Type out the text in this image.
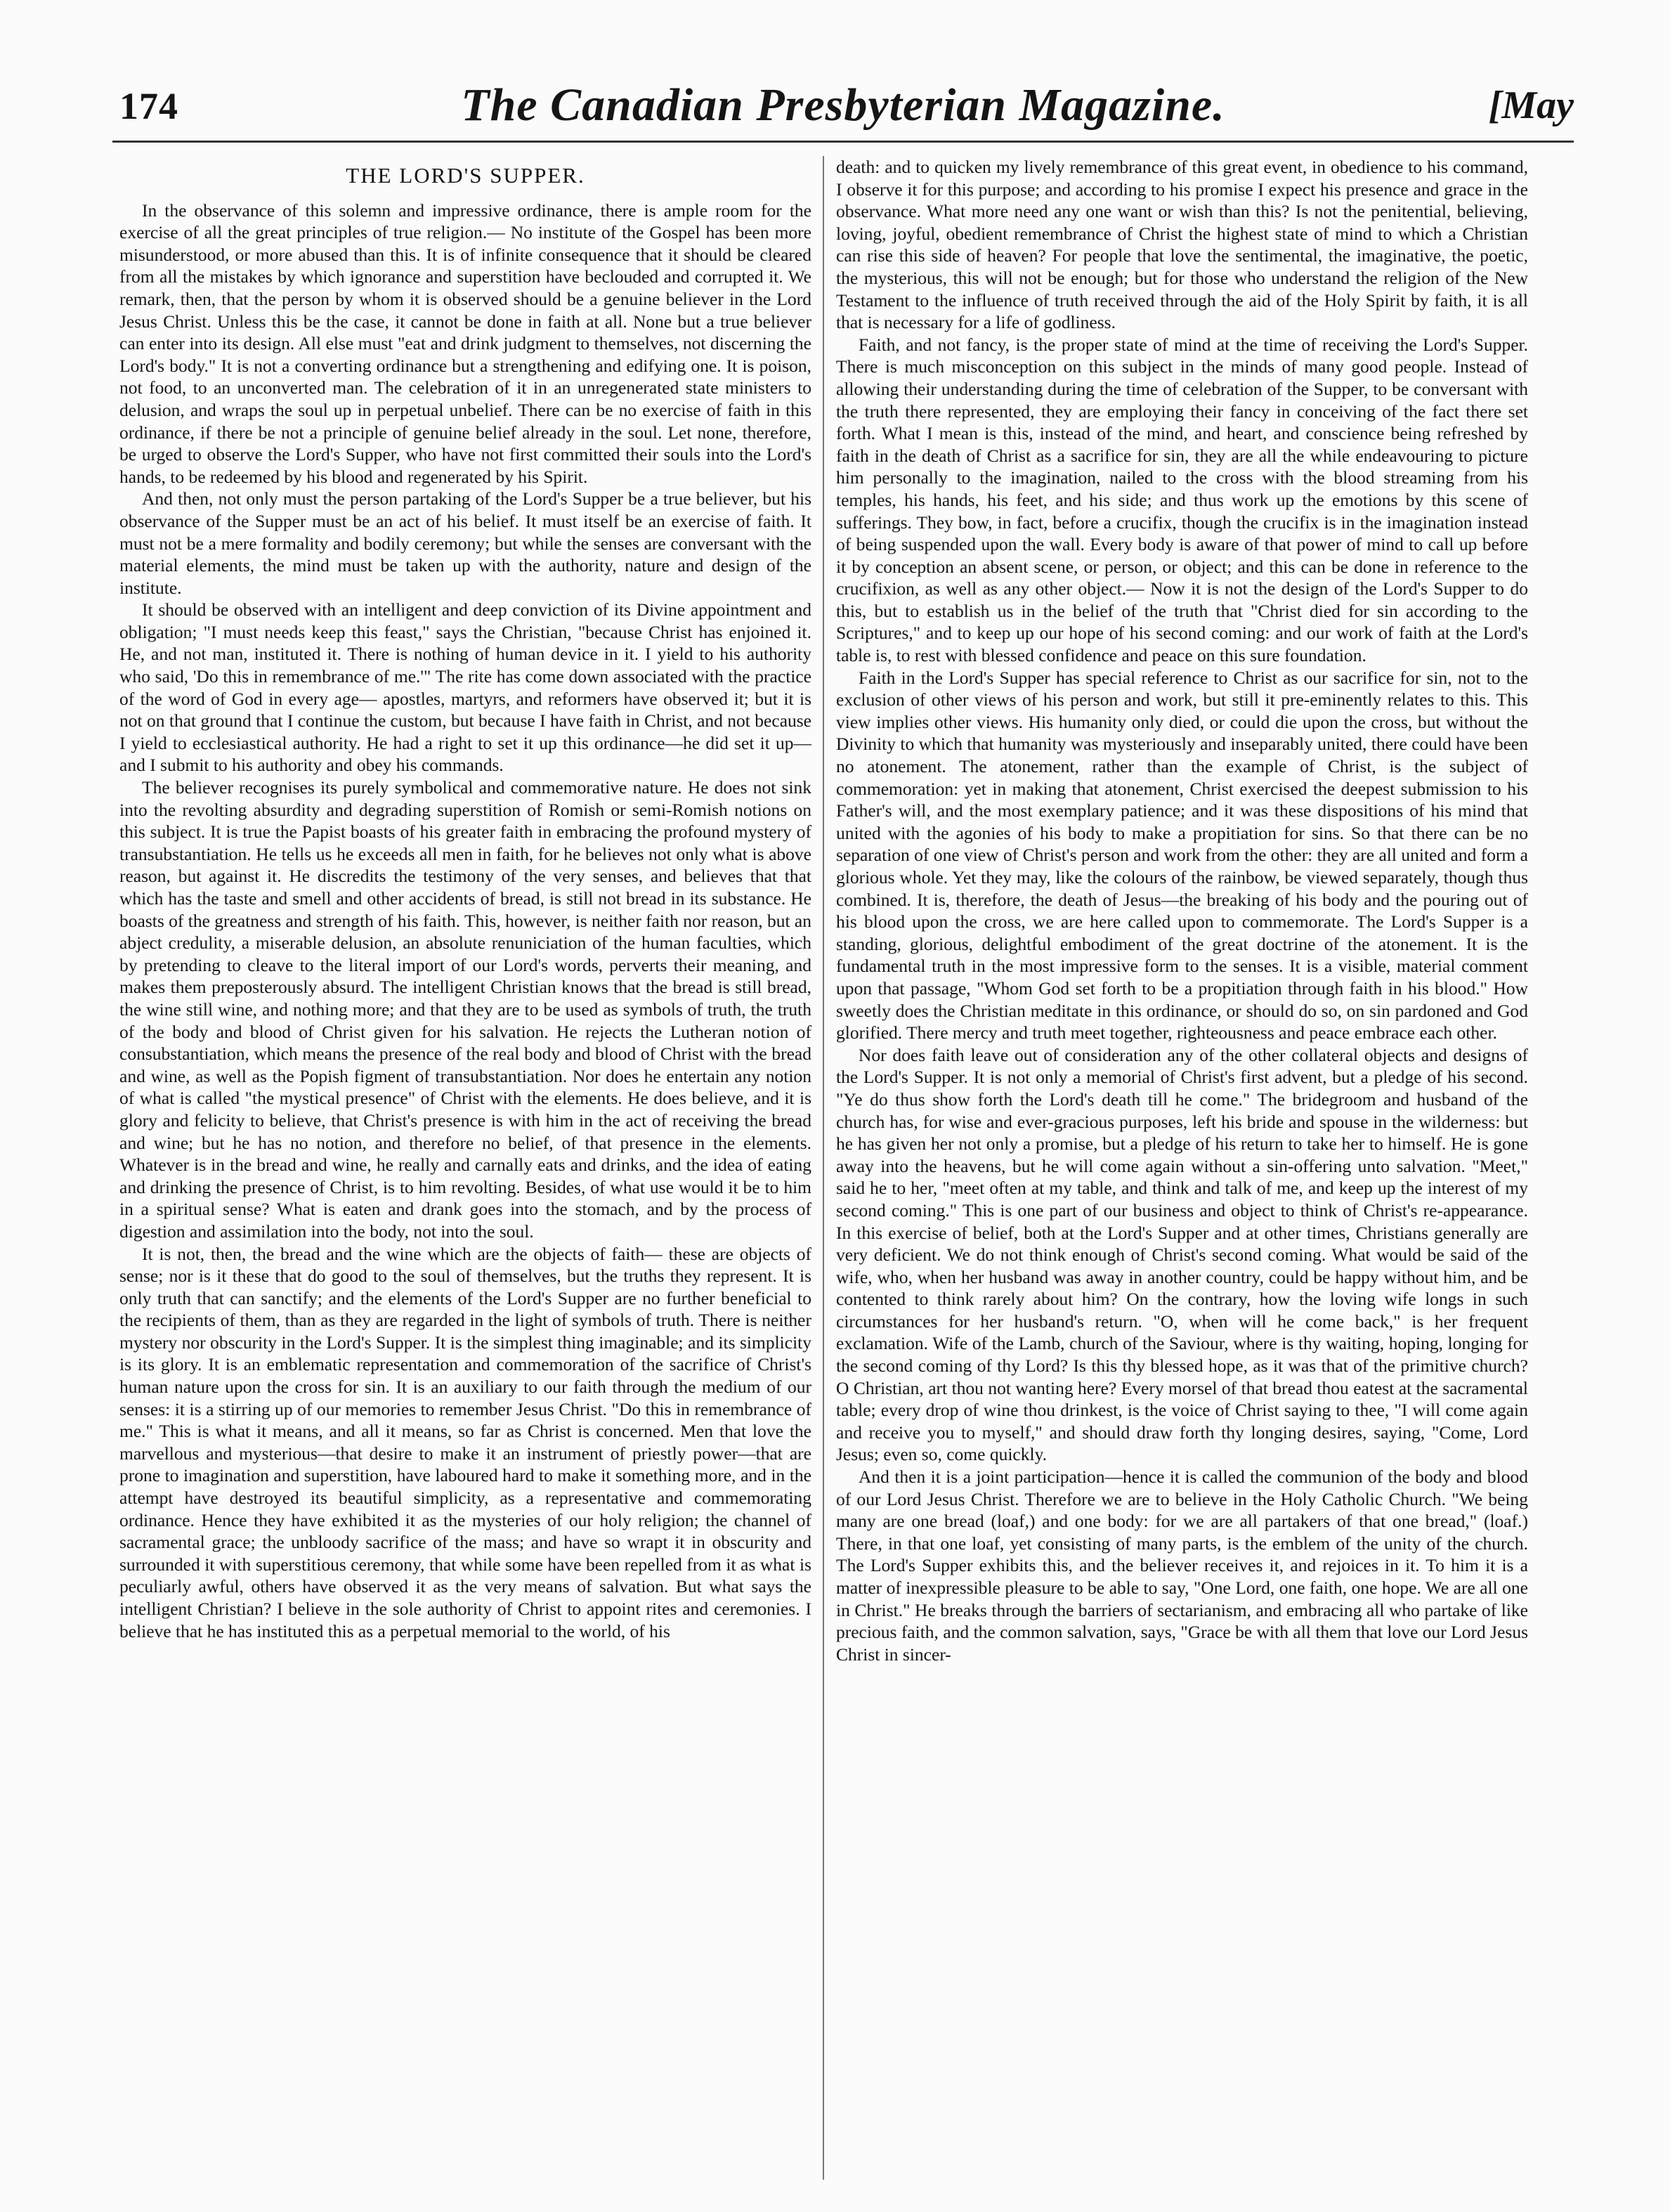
174	The Canadian Presbyterian Magazine.	[May
THE LORD'S SUPPER.

In the observance of this solemn and impressive ordinance, there is ample room for the exercise of all the great principles of true religion.— No institute of the Gospel has been more misunderstood, or more abused than this. It is of infinite consequence that it should be cleared from all the mistakes by which ignorance and superstition have beclouded and corrupted it. We remark, then, that the person by whom it is observed should be a genuine believer in the Lord Jesus Christ. Unless this be the case, it cannot be done in faith at all. None but a true believer can enter into its design. All else must "eat and drink judgment to themselves, not discerning the Lord's body." It is not a converting ordinance but a strengthening and edifying one. It is poison, not food, to an unconverted man. The celebration of it in an unregenerated state ministers to delusion, and wraps the soul up in perpetual unbelief. There can be no exercise of faith in this ordinance, if there be not a principle of genuine belief already in the soul. Let none, therefore, be urged to observe the Lord's Supper, who have not first committed their souls into the Lord's hands, to be redeemed by his blood and regenerated by his Spirit.

And then, not only must the person partaking of the Lord's Supper be a true believer, but his observance of the Supper must be an act of his belief. It must itself be an exercise of faith. It must not be a mere formality and bodily ceremony; but while the senses are conversant with the material elements, the mind must be taken up with the authority, nature and design of the institute.

It should be observed with an intelligent and deep conviction of its Divine appointment and obligation; "I must needs keep this feast," says the Christian, "because Christ has enjoined it. He, and not man, instituted it. There is nothing of human device in it. I yield to his authority who said, 'Do this in remembrance of me.'" The rite has come down associated with the practice of the word of God in every age— apostles, martyrs, and reformers have observed it; but it is not on that ground that I continue the custom, but because I have faith in Christ, and not because I yield to ecclesiastical authority. He had a right to set it up this ordinance—he did set it up—and I submit to his authority and obey his commands.

The believer recognises its purely symbolical and commemorative nature. He does not sink into the revolting absurdity and degrading superstition of Romish or semi-Romish notions on this subject. It is true the Papist boasts of his greater faith in embracing the profound mystery of transubstantiation. He tells us he exceeds all men in faith, for he believes not only what is above reason, but against it. He discredits the testimony of the very senses, and believes that that which has the taste and smell and other accidents of bread, is still not bread in its substance. He boasts of the greatness and strength of his faith. This, however, is neither faith nor reason, but an abject credulity, a miserable delusion, an absolute renuniciation of the human faculties, which by pretending to cleave to the literal import of our Lord's words, perverts their meaning, and makes them preposterously absurd. The intelligent Christian knows that the bread is still bread, the wine still wine, and nothing more; and that they are to be used as symbols of truth, the truth of the body and blood of Christ given for his salvation. He rejects the Lutheran notion of consubstantiation, which means the presence of the real body and blood of Christ with the bread and wine, as well as the Popish figment of transubstantiation. Nor does he entertain any notion of what is called "the mystical presence" of Christ with the elements. He does believe, and it is glory and felicity to believe, that Christ's presence is with him in the act of receiving the bread and wine; but he has no notion, and therefore no belief, of that presence in the elements. Whatever is in the bread and wine, he really and carnally eats and drinks, and the idea of eating and drinking the presence of Christ, is to him revolting. Besides, of what use would it be to him in a spiritual sense? What is eaten and drank goes into the stomach, and by the process of digestion and assimilation into the body, not into the soul.

It is not, then, the bread and the wine which are the objects of faith— these are objects of sense; nor is it these that do good to the soul of themselves, but the truths they represent. It is only truth that can sanctify; and the elements of the Lord's Supper are no further beneficial to the recipients of them, than as they are regarded in the light of symbols of truth. There is neither mystery nor obscurity in the Lord's Supper. It is the simplest thing imaginable; and its simplicity is its glory. It is an emblematic representation and commemoration of the sacrifice of Christ's human nature upon the cross for sin. It is an auxiliary to our faith through the medium of our senses: it is a stirring up of our memories to remember Jesus Christ. "Do this in remembrance of me." This is what it means, and all it means, so far as Christ is concerned. Men that love the marvellous and mysterious—that desire to make it an instrument of priestly power—that are prone to imagination and superstition, have laboured hard to make it something more, and in the attempt have destroyed its beautiful simplicity, as a representative and commemorating ordinance. Hence they have exhibited it as the mysteries of our holy religion; the channel of sacramental grace; the unbloody sacrifice of the mass; and have so wrapt it in obscurity and surrounded it with superstitious ceremony, that while some have been repelled from it as what is peculiarly awful, others have observed it as the very means of salvation. But what says the intelligent Christian? I believe in the sole authority of Christ to appoint rites and ceremonies. I believe that he has instituted this as a perpetual memorial to the world, of his

death: and to quicken my lively remembrance of this great event, in obedience to his command, I observe it for this purpose; and according to his promise I expect his presence and grace in the observance. What more need any one want or wish than this? Is not the penitential, believing, loving, joyful, obedient remembrance of Christ the highest state of mind to which a Christian can rise this side of heaven? For people that love the sentimental, the imaginative, the poetic, the mysterious, this will not be enough; but for those who understand the religion of the New Testament to the influence of truth received through the aid of the Holy Spirit by faith, it is all that is necessary for a life of godliness.

Faith, and not fancy, is the proper state of mind at the time of receiving the Lord's Supper. There is much misconception on this subject in the minds of many good people. Instead of allowing their understanding during the time of celebration of the Supper, to be conversant with the truth there represented, they are employing their fancy in conceiving of the fact there set forth. What I mean is this, instead of the mind, and heart, and conscience being refreshed by faith in the death of Christ as a sacrifice for sin, they are all the while endeavouring to picture him personally to the imagination, nailed to the cross with the blood streaming from his temples, his hands, his feet, and his side; and thus work up the emotions by this scene of sufferings. They bow, in fact, before a crucifix, though the crucifix is in the imagination instead of being suspended upon the wall. Every body is aware of that power of mind to call up before it by conception an absent scene, or person, or object; and this can be done in reference to the crucifixion, as well as any other object.— Now it is not the design of the Lord's Supper to do this, but to establish us in the belief of the truth that "Christ died for sin according to the Scriptures," and to keep up our hope of his second coming: and our work of faith at the Lord's table is, to rest with blessed confidence and peace on this sure foundation.

Faith in the Lord's Supper has special reference to Christ as our sacrifice for sin, not to the exclusion of other views of his person and work, but still it pre-eminently relates to this. This view implies other views. His humanity only died, or could die upon the cross, but without the Divinity to which that humanity was mysteriously and inseparably united, there could have been no atonement. The atonement, rather than the example of Christ, is the subject of commemoration: yet in making that atonement, Christ exercised the deepest submission to his Father's will, and the most exemplary patience; and it was these dispositions of his mind that united with the agonies of his body to make a propitiation for sins. So that there can be no separation of one view of Christ's person and work from the other: they are all united and form a glorious whole. Yet they may, like the colours of the rainbow, be viewed separately, though thus combined. It is, therefore, the death of Jesus—the breaking of his body and the pouring out of his blood upon the cross, we are here called upon to commemorate. The Lord's Supper is a standing, glorious, delightful embodiment of the great doctrine of the atonement. It is the fundamental truth in the most impressive form to the senses. It is a visible, material comment upon that passage, "Whom God set forth to be a propitiation through faith in his blood." How sweetly does the Christian meditate in this ordinance, or should do so, on sin pardoned and God glorified. There mercy and truth meet together, righteousness and peace embrace each other.

Nor does faith leave out of consideration any of the other collateral objects and designs of the Lord's Supper. It is not only a memorial of Christ's first advent, but a pledge of his second. "Ye do thus show forth the Lord's death till he come." The bridegroom and husband of the church has, for wise and ever-gracious purposes, left his bride and spouse in the wilderness: but he has given her not only a promise, but a pledge of his return to take her to himself. He is gone away into the heavens, but he will come again without a sin-offering unto salvation. "Meet," said he to her, "meet often at my table, and think and talk of me, and keep up the interest of my second coming." This is one part of our business and object to think of Christ's re-appearance. In this exercise of belief, both at the Lord's Supper and at other times, Christians generally are very deficient. We do not think enough of Christ's second coming. What would be said of the wife, who, when her husband was away in another country, could be happy without him, and be contented to think rarely about him? On the contrary, how the loving wife longs in such circumstances for her husband's return. "O, when will he come back," is her frequent exclamation. Wife of the Lamb, church of the Saviour, where is thy waiting, hoping, longing for the second coming of thy Lord? Is this thy blessed hope, as it was that of the primitive church? O Christian, art thou not wanting here? Every morsel of that bread thou eatest at the sacramental table; every drop of wine thou drinkest, is the voice of Christ saying to thee, "I will come again and receive you to myself," and should draw forth thy longing desires, saying, "Come, Lord Jesus; even so, come quickly.

And then it is a joint participation—hence it is called the communion of the body and blood of our Lord Jesus Christ. Therefore we are to believe in the Holy Catholic Church. "We being many are one bread (loaf,) and one body: for we are all partakers of that one bread," (loaf.) There, in that one loaf, yet consisting of many parts, is the emblem of the unity of the church. The Lord's Supper exhibits this, and the believer receives it, and rejoices in it. To him it is a matter of inexpressible pleasure to be able to say, "One Lord, one faith, one hope. We are all one in Christ." He breaks through the barriers of sectarianism, and embracing all who partake of like precious faith, and the common salvation, says, "Grace be with all them that love our Lord Jesus Christ in sincer-
